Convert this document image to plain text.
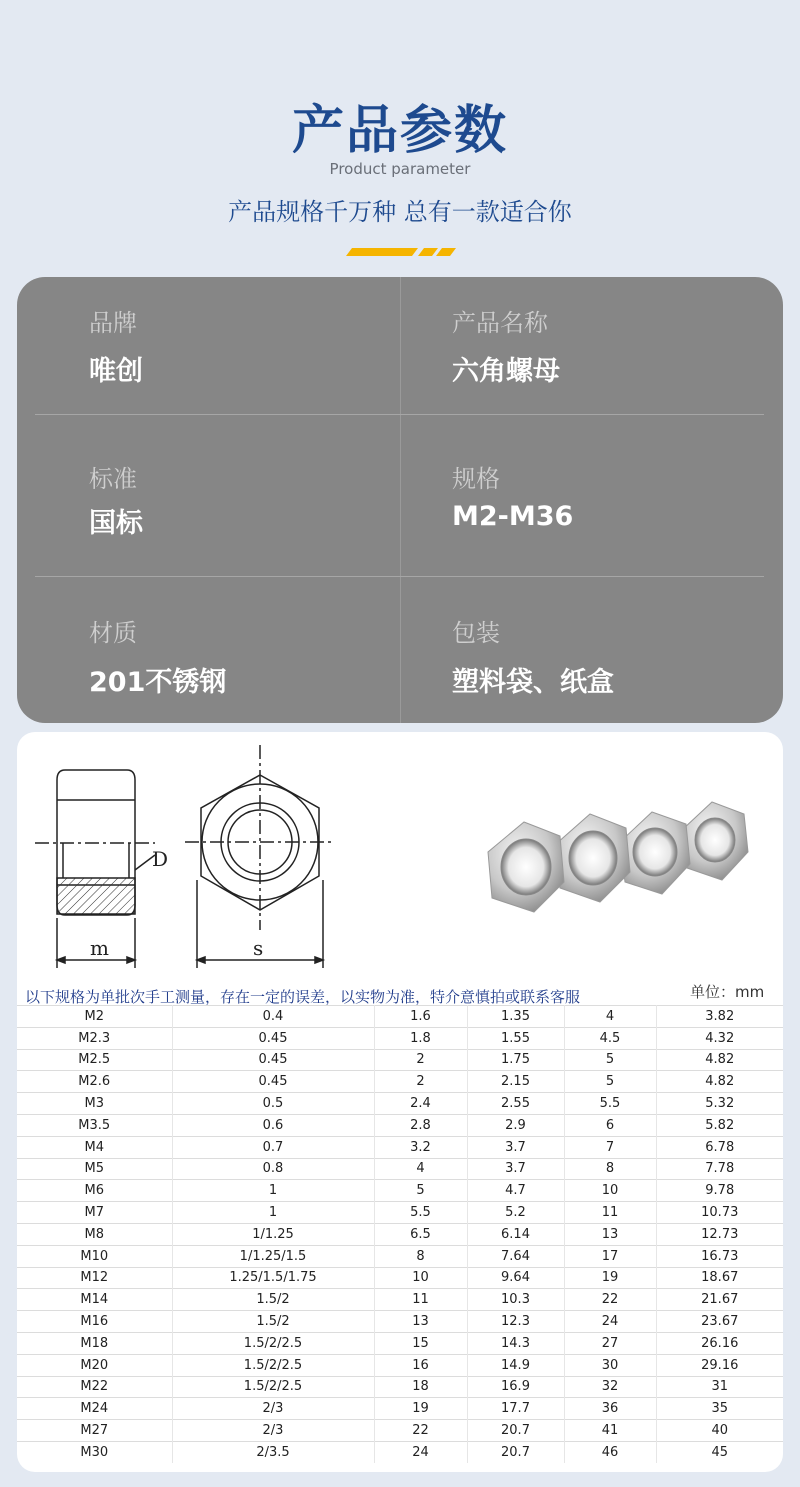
产品参数
Product parameter
产品规格千万种 总有一款适合你
品牌
唯创
产品名称
六角螺母
标准
国标
规格
M2-M36
材质
201不锈钢
包装
塑料袋、纸盒
D
m	s
以下规格为单批次手工测量，存在一定的误差，以实物为准，特介意慎拍或联系客服	单位：mm
M2	0.4	1.6	1.35	4	3.82
M2.3	0.45	1.8	1.55	4.5	4.32
M2.5	0.45	2	1.75	5	4.82
M2.6	0.45	2	2.15	5	4.82
M3	0.5	2.4	2.55	5.5	5.32
M3.5	0.6	2.8	2.9	6	5.82
M4	0.7	3.2	3.7	7	6.78
M5	0.8	4	3.7	8	7.78
M6	1	5	4.7	10	9.78
M7	1	5.5	5.2	11	10.73
M8	1/1.25	6.5	6.14	13	12.73
M10	1/1.25/1.5	8	7.64	17	16.73
M12	1.25/1.5/1.75	10	9.64	19	18.67
M14	1.5/2	11	10.3	22	21.67
M16	1.5/2	13	12.3	24	23.67
M18	1.5/2/2.5	15	14.3	27	26.16
M20	1.5/2/2.5	16	14.9	30	29.16
M22	1.5/2/2.5	18	16.9	32	31
M24	2/3	19	17.7	36	35
M27	2/3	22	20.7	41	40
M30	2/3.5	24	20.7	46	45
